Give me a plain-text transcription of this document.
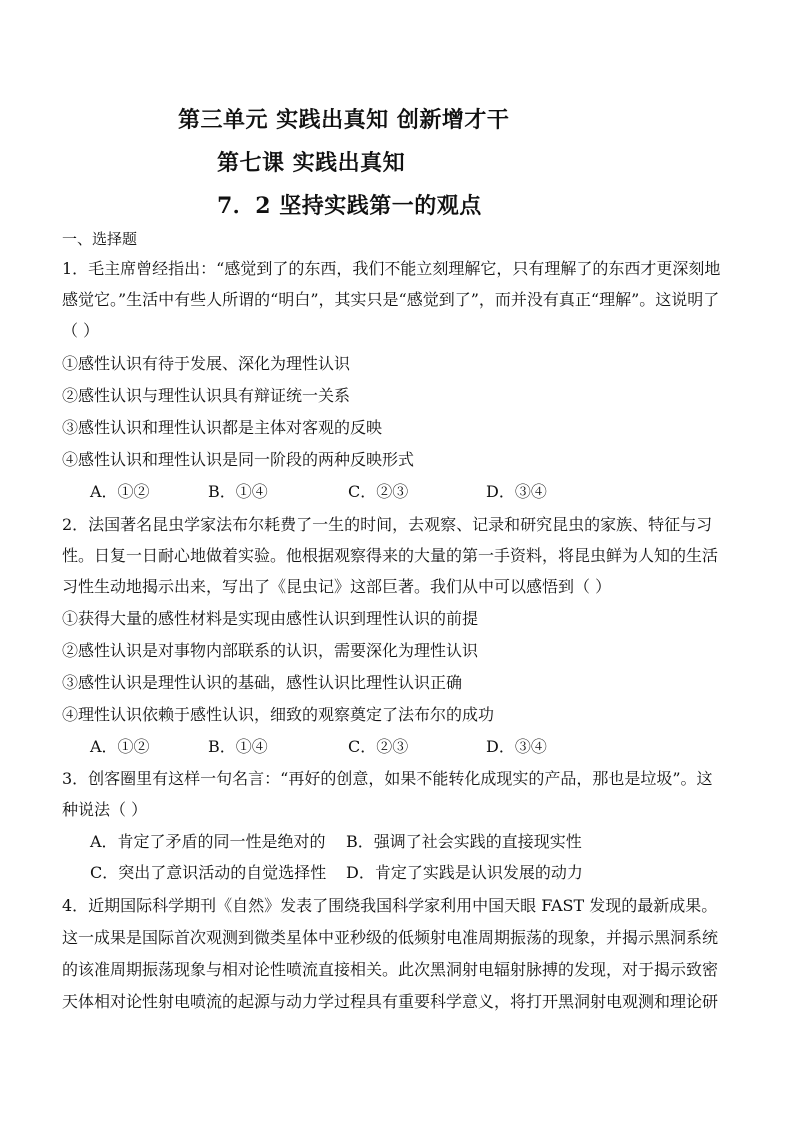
第三单元 实践出真知 创新增才干
第七课 实践出真知
7．2 坚持实践第一的观点
一、选择题
1．毛主席曾经指出：“感觉到了的东西，我们不能立刻理解它，只有理解了的东西才更深刻地
感觉它。”生活中有些人所谓的“明白”，其实只是“感觉到了”，而并没有真正“理解”。这说明了
（ ）
①感性认识有待于发展、深化为理性认识
②感性认识与理性认识具有辩证统一关系
③感性认识和理性认识都是主体对客观的反映
④感性认识和理性认识是同一阶段的两种反映形式
A．①②	B．①④	C．②③	D．③④
2．法国著名昆虫学家法布尔耗费了一生的时间，去观察、记录和研究昆虫的家族、特征与习
性。日复一日耐心地做着实验。他根据观察得来的大量的第一手资料，将昆虫鲜为人知的生活
习性生动地揭示出来，写出了《昆虫记》这部巨著。我们从中可以感悟到（ ）
①获得大量的感性材料是实现由感性认识到理性认识的前提
②感性认识是对事物内部联系的认识，需要深化为理性认识
③感性认识是理性认识的基础，感性认识比理性认识正确
④理性认识依赖于感性认识，细致的观察奠定了法布尔的成功
A．①②	B．①④	C．②③	D．③④
3．创客圈里有这样一句名言：“再好的创意，如果不能转化成现实的产品，那也是垃圾”。这
种说法（ ）
A．肯定了矛盾的同一性是绝对的 B．强调了社会实践的直接现实性
C．突出了意识活动的自觉选择性 D．肯定了实践是认识发展的动力
4．近期国际科学期刊《自然》发表了围绕我国科学家利用中国天眼 FAST 发现的最新成果。
这一成果是国际首次观测到微类星体中亚秒级的低频射电准周期振荡的现象，并揭示黑洞系统
的该准周期振荡现象与相对论性喷流直接相关。此次黑洞射电辐射脉搏的发现，对于揭示致密
天体相对论性射电喷流的起源与动力学过程具有重要科学意义，将打开黑洞射电观测和理论研
